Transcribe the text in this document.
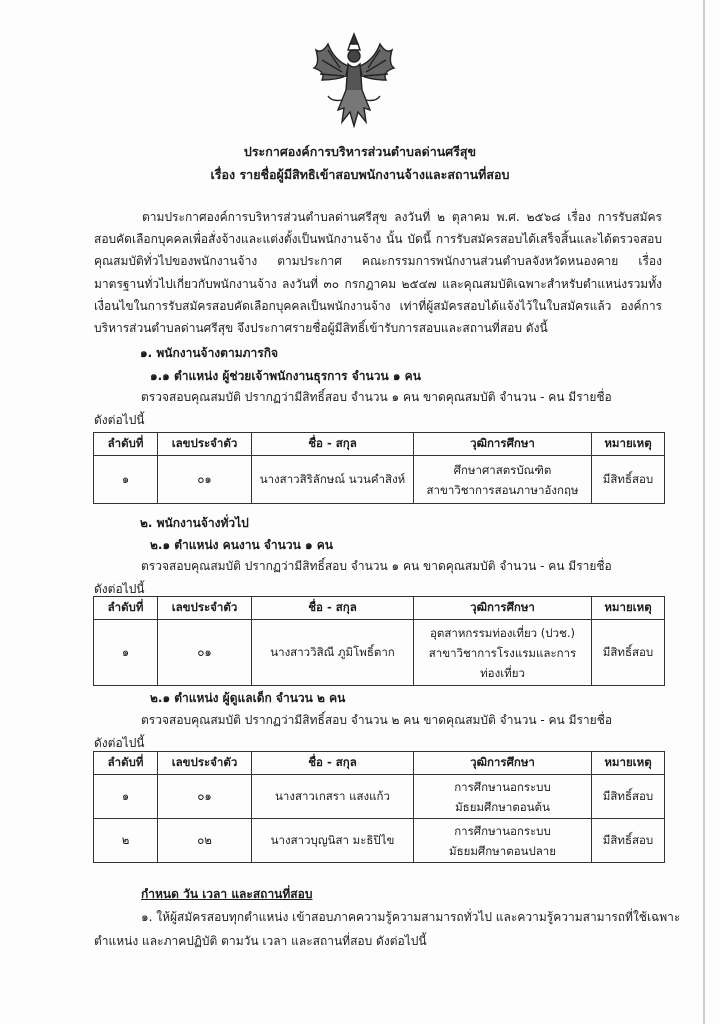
ประกาศองค์การบริหารส่วนตำบลด่านศรีสุข
เรื่อง รายชื่อผู้มีสิทธิเข้าสอบพนักงานจ้างและสถานที่สอบ
ตามประกาศองค์การบริหารส่วนตำบลด่านศรีสุข ลงวันที่ ๒ ตุลาคม พ.ศ. ๒๕๖๘ เรื่อง การรับสมัครสอบคัดเลือกบุคคลเพื่อสั่งจ้างและแต่งตั้งเป็นพนักงานจ้าง นั้น บัดนี้ การรับสมัครสอบได้เสร็จสิ้นและได้ตรวจสอบคุณสมบัติทั่วไปของพนักงานจ้าง ตามประกาศ คณะกรรมการพนักงานส่วนตำบลจังหวัดหนองคาย เรื่อง มาตรฐานทั่วไปเกี่ยวกับพนักงานจ้าง ลงวันที่ ๓๐ กรกฎาคม ๒๕๔๗ และคุณสมบัติเฉพาะสำหรับตำแหน่งรวมทั้งเงื่อนไขในการรับสมัครสอบคัดเลือกบุคคลเป็นพนักงานจ้าง เท่าที่ผู้สมัครสอบได้แจ้งไว้ในใบสมัครแล้ว องค์การบริหารส่วนตำบลด่านศรีสุข จึงประกาศรายชื่อผู้มีสิทธิ์เข้ารับการสอบและสถานที่สอบ ดังนี้
๑. พนักงานจ้างตามภารกิจ
๑.๑ ตำแหน่ง ผู้ช่วยเจ้าพนักงานธุรการ จำนวน ๑ คน
ตรวจสอบคุณสมบัติ ปรากฏว่ามีสิทธิ์สอบ จำนวน ๑ คน ขาดคุณสมบัติ จำนวน - คน มีรายชื่อ
ดังต่อไปนี้
ลำดับที่	เลขประจำตัว	ชื่อ - สกุล	วุฒิการศึกษา	หมายเหตุ
๑	๐๑	นางสาวสิริลักษณ์ นวนคำสิงห์	ศึกษาศาสตรบัณฑิต
สาขาวิชาการสอนภาษาอังกฤษ	มีสิทธิ์สอบ
๒. พนักงานจ้างทั่วไป
๒.๑ ตำแหน่ง คนงาน จำนวน ๑ คน
ตรวจสอบคุณสมบัติ ปรากฏว่ามีสิทธิ์สอบ จำนวน ๑ คน ขาดคุณสมบัติ จำนวน - คน มีรายชื่อ
ดังต่อไปนี้
ลำดับที่	เลขประจำตัว	ชื่อ - สกุล	วุฒิการศึกษา	หมายเหตุ
๑	๐๑	นางสาววิสิณี ภูมิโพธิ์ตาก	อุตสาหกรรมท่องเที่ยว (ปวช.)
สาขาวิชาการโรงแรมและการ
ท่องเที่ยว	มีสิทธิ์สอบ
๒.๑ ตำแหน่ง ผู้ดูแลเด็ก จำนวน ๒ คน
ตรวจสอบคุณสมบัติ ปรากฏว่ามีสิทธิ์สอบ จำนวน ๒ คน ขาดคุณสมบัติ จำนวน - คน มีรายชื่อ
ดังต่อไปนี้
ลำดับที่	เลขประจำตัว	ชื่อ - สกุล	วุฒิการศึกษา	หมายเหตุ
๑	๐๑	นางสาวเกสรา แสงแก้ว	การศึกษานอกระบบ
มัธยมศึกษาตอนต้น	มีสิทธิ์สอบ
๒	๐๒	นางสาวบุญนิสา มะธิปิไข	การศึกษานอกระบบ
มัธยมศึกษาตอนปลาย	มีสิทธิ์สอบ
กำหนด วัน เวลา และสถานที่สอบ
๑. ให้ผู้สมัครสอบทุกตำแหน่ง เข้าสอบภาคความรู้ความสามารถทั่วไป และความรู้ความสามารถที่ใช้เฉพาะ
ตำแหน่ง และภาคปฏิบัติ ตามวัน เวลา และสถานที่สอบ ดังต่อไปนี้
